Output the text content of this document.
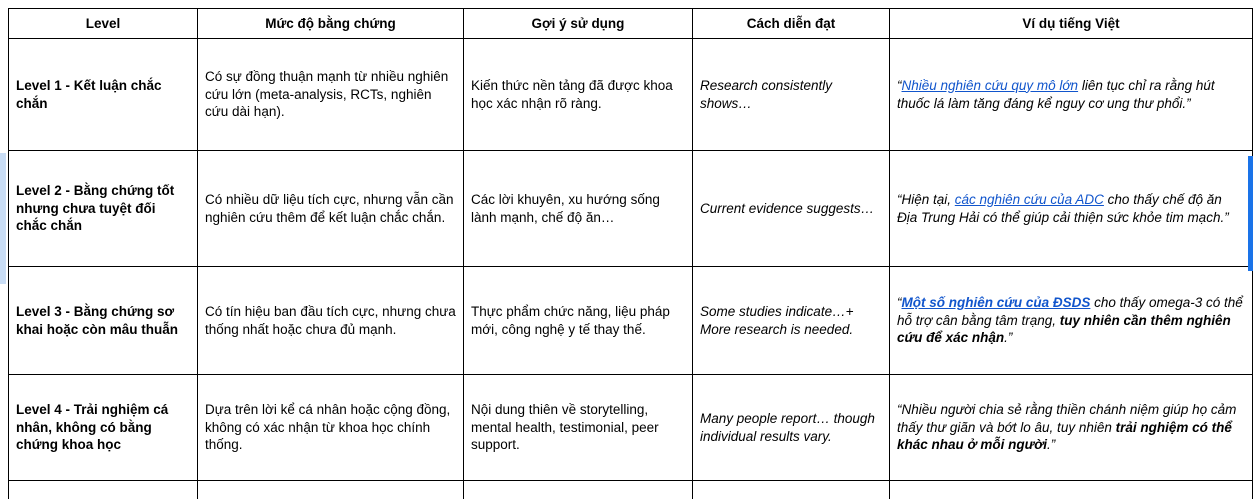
Level	Mức độ bằng chứng	Gợi ý sử dụng	Cách diễn đạt	Ví dụ tiếng Việt
Level 1 - Kết luận chắc chắn	Có sự đồng thuận mạnh từ nhiều nghiên cứu lớn (meta-analysis, RCTs, nghiên cứu dài hạn).	Kiến thức nền tảng đã được khoa học xác nhận rõ ràng.	Research consistently shows…	“Nhiều nghiên cứu quy mô lớn liên tục chỉ ra rằng hút thuốc lá làm tăng đáng kể nguy cơ ung thư phổi.”
Level 2 - Bằng chứng tốt nhưng chưa tuyệt đối chắc chắn	Có nhiều dữ liệu tích cực, nhưng vẫn cần nghiên cứu thêm để kết luận chắc chắn.	Các lời khuyên, xu hướng sống lành mạnh, chế độ ăn…	Current evidence suggests…	“Hiện tại, các nghiên cứu của ADC cho thấy chế độ ăn Địa Trung Hải có thể giúp cải thiện sức khỏe tim mạch.”
Level 3 - Bằng chứng sơ khai hoặc còn mâu thuẫn	Có tín hiệu ban đầu tích cực, nhưng chưa thống nhất hoặc chưa đủ mạnh.	Thực phẩm chức năng, liệu pháp mới, công nghệ y tế thay thế.	Some studies indicate…+ More research is needed.	“Một số nghiên cứu của ĐSDS cho thấy omega-3 có thể hỗ trợ cân bằng tâm trạng, tuy nhiên cần thêm nghiên cứu để xác nhận.”
Level 4 - Trải nghiệm cá nhân, không có bằng chứng khoa học	Dựa trên lời kể cá nhân hoặc cộng đồng, không có xác nhận từ khoa học chính thống.	Nội dung thiên về storytelling, mental health, testimonial, peer support.	Many people report… though individual results vary.	“Nhiều người chia sẻ rằng thiền chánh niệm giúp họ cảm thấy thư giãn và bớt lo âu, tuy nhiên trải nghiệm có thể khác nhau ở mỗi người.”
